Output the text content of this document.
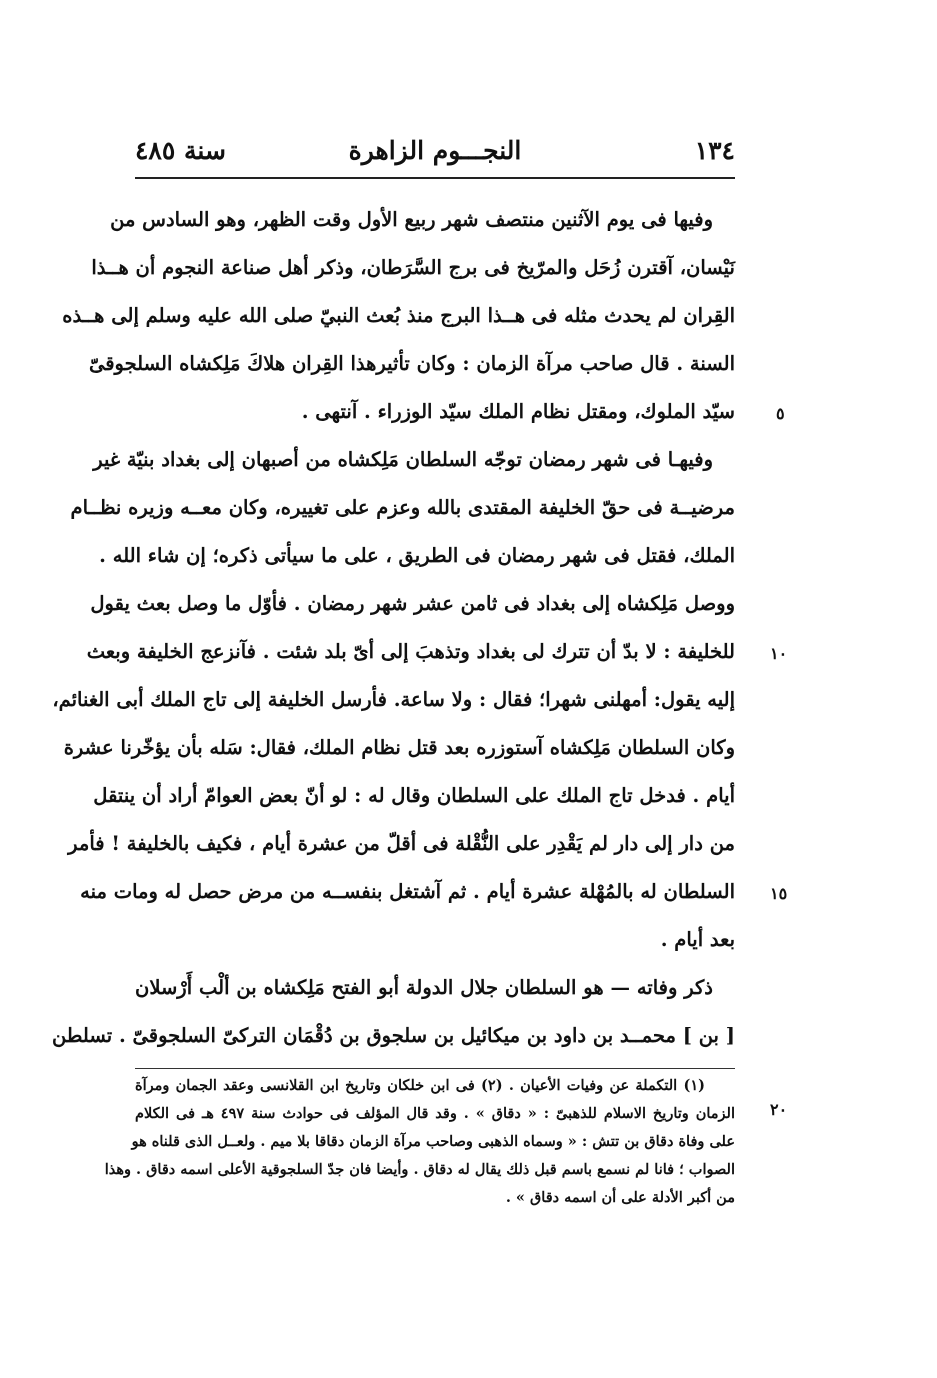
١٣٤
النجـــوم الزاهرة
سنة ٤٨٥
وفيها فى يوم الآثنين منتصف شهر ربيع الأول وقت الظهر، وهو السادس من
نَيْسان، آقترن زُحَل والمرّيخ فى برج السَّرَطان، وذكر أهل صناعة النجوم أن هــذا
القِران لم يحدث مثله فى هــذا البرج منذ بُعث النبيّ صلى الله عليه وسلم إلى هــذه
السنة . قال صاحب مرآة الزمان : وكان تأثيرهذا القِران هلاكَ مَلِكشاه السلجوقىّ
سيّد الملوك، ومقتل نظام الملك سيّد الوزراء . آنتهى .
وفيهـا فى شهر رمضان توجّه السلطان مَلِكشاه من أصبهان إلى بغداد بنيّة غير
مرضيــة فى حقّ الخليفة المقتدى بالله وعزم على تغييره، وكان معــه وزيره نظــام
الملك، فقتل فى شهر رمضان فى الطريق ، على ما سيأتى ذكره؛ إن شاء الله .
ووصل مَلِكشاه إلى بغداد فى ثامن عشر شهر رمضان . فأوّل ما وصل بعث يقول
للخليفة : لا بدّ أن تترك لى بغداد وتذهبَ إلى أىّ بلد شئت . فآنزعج الخليفة وبعث
إليه يقول: أمهلنى شهرا؛ فقال : ولا ساعة. فأرسل الخليفة إلى تاج الملك أبى الغنائم،
وكان السلطان مَلِكشاه آستوزره بعد قتل نظام الملك، فقال: سَله بأن يؤخّرنا عشرة
أيام . فدخل تاج الملك على السلطان وقال له : لو أنّ بعض العوامّ أراد أن ينتقل
من دار إلى دار لم يَقْدِر على النُّقْلة فى أقلّ من عشرة أيام ، فكيف بالخليفة ! فأمر
السلطان له بالمُهْلة عشرة أيام . ثم آشتغل بنفســه من مرض حصل له ومات منه
بعد أيام .
ذكر وفاته — هو السلطان جلال الدولة أبو الفتح مَلِكشاه بن ألْب أَرْسلان
[ بن ] محمــد بن داود بن ميكائيل بن سلجوق بن دُقْمَان التركىّ السلجوقىّ . تسلطن
٥
١٠
١٥
٢٠
(١) التكملة عن وفيات الأعيان . (٢) فى ابن خلكان وتاريخ ابن القلانسى وعقد الجمان ومرآة
الزمان وتاريخ الاسلام للذهبىّ : « دقاق » . وقد قال المؤلف فى حوادث سنة ٤٩٧ هـ فى الكلام
على وفاة دقاق بن تتش : « وسماه الذهبى وصاحب مرآة الزمان دقاقا بلا ميم . ولعــل الذى قلناه هو
الصواب ؛ فانا لم نسمع باسم قبل ذلك يقال له دقاق . وأيضا فان جدّ السلجوقية الأعلى اسمه دقاق . وهذا
من أكبر الأدلة على أن اسمه دقاق » .
